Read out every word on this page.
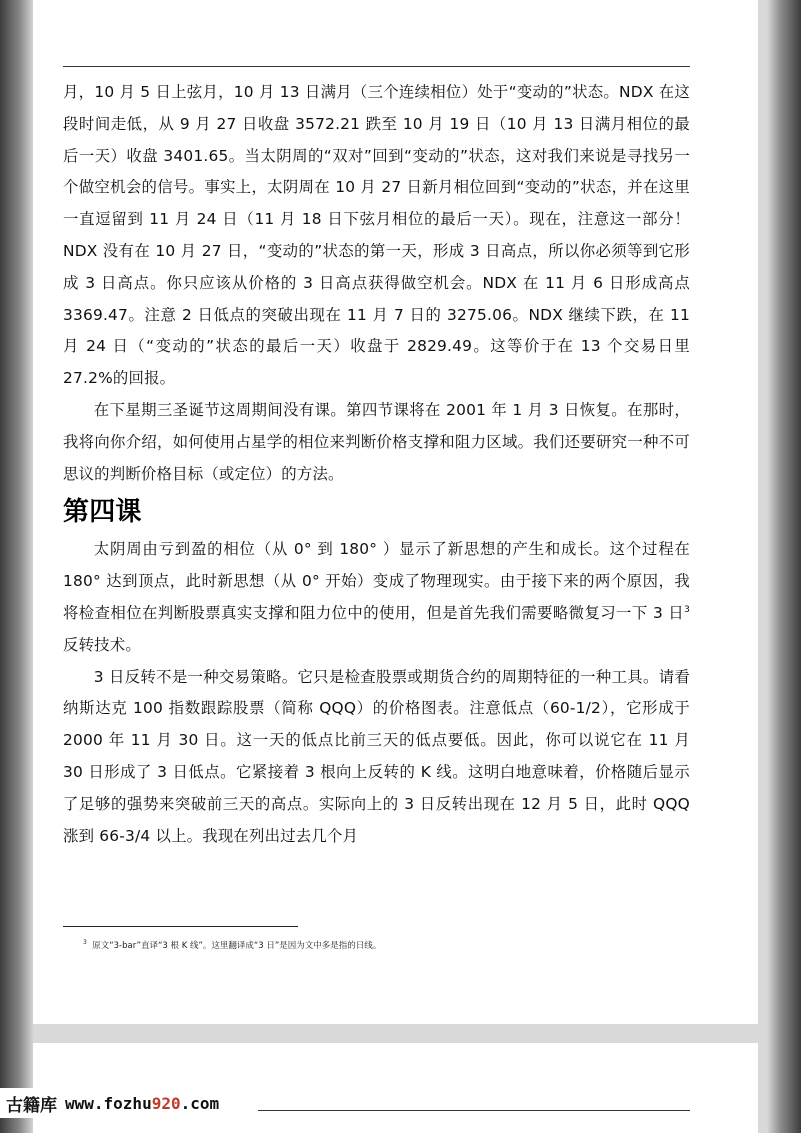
月，10 月 5 日上弦月，10 月 13 日满月（三个连续相位）处于“变动的”状态。NDX 在这段时间走低，从 9 月 27 日收盘 3572.21 跌至 10 月 19 日（10 月 13 日满月相位的最后一天）收盘 3401.65。当太阴周的“双对”回到“变动的”状态，这对我们来说是寻找另一个做空机会的信号。事实上，太阴周在 10 月 27 日新月相位回到“变动的”状态，并在这里一直逗留到 11 月 24 日（11 月 18 日下弦月相位的最后一天）。现在，注意这一部分！NDX 没有在 10 月 27 日，“变动的”状态的第一天，形成 3 日高点，所以你必须等到它形成 3 日高点。你只应该从价格的 3 日高点获得做空机会。NDX 在 11 月 6 日形成高点 3369.47。注意 2 日低点的突破出现在 11 月 7 日的 3275.06。NDX 继续下跌，在 11 月 24 日（“变动的”状态的最后一天）收盘于 2829.49。这等价于在 13 个交易日里 27.2%的回报。

在下星期三圣诞节这周期间没有课。第四节课将在 2001 年 1 月 3 日恢复。在那时，我将向你介绍，如何使用占星学的相位来判断价格支撑和阻力区域。我们还要研究一种不可思议的判断价格目标（或定位）的方法。

第四课

太阴周由亏到盈的相位（从 0° 到 180° ）显示了新思想的产生和成长。这个过程在 180° 达到顶点，此时新思想（从 0° 开始）变成了物理现实。由于接下来的两个原因，我将检查相位在判断股票真实支撑和阻力位中的使用，但是首先我们需要略微复习一下 3 日$^3$反转技术。

3 日反转不是一种交易策略。它只是检查股票或期货合约的周期特征的一种工具。请看纳斯达克 100 指数跟踪股票（简称 QQQ）的价格图表。注意低点（60-1/2），它形成于 2000 年 11 月 30 日。这一天的低点比前三天的低点要低。因此，你可以说它在 11 月 30 日形成了 3 日低点。它紧接着 3 根向上反转的 K 线。这明白地意味着，价格随后显示了足够的强势来突破前三天的高点。实际向上的 3 日反转出现在 12 月 5 日，此时 QQQ 涨到 66-3/4 以上。我现在列出过去几个月

$^3$ 原文“3-bar”直译“3 根 K 线”。这里翻译成“3 日”是因为文中多是指的日线。
古籍库 www.fozhu 920 .com
